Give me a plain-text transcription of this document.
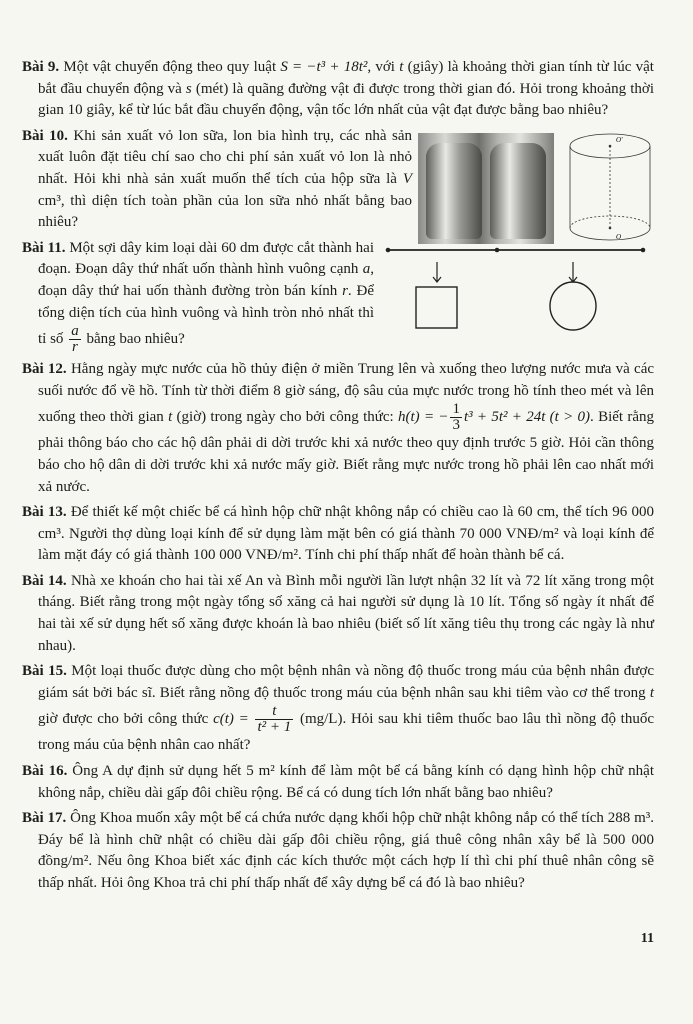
O'
O
Bài 9. Một vật chuyển động theo quy luật S = −t³ + 18t², với t (giây) là khoảng thời gian tính từ lúc vật bắt đầu chuyển động và s (mét) là quãng đường vật đi được trong thời gian đó. Hỏi trong khoảng thời gian 10 giây, kể từ lúc bắt đầu chuyển động, vận tốc lớn nhất của vật đạt được bằng bao nhiêu?
Bài 10. Khi sản xuất vỏ lon sữa, lon bia hình trụ, các nhà sản xuất luôn đặt tiêu chí sao cho chi phí sản xuất vỏ lon là nhỏ nhất. Hỏi khi nhà sản xuất muốn thể tích của hộp sữa là V cm³, thì diện tích toàn phần của lon sữa nhỏ nhất bằng bao nhiêu?
Bài 11. Một sợi dây kim loại dài 60 dm được cắt thành hai đoạn. Đoạn dây thứ nhất uốn thành hình vuông cạnh a, đoạn dây thứ hai uốn thành đường tròn bán kính r. Để tổng diện tích của hình vuông và hình tròn nhỏ nhất thì tỉ số $\frac{a}{r}$ bằng bao nhiêu?
Bài 12. Hằng ngày mực nước của hồ thủy điện ở miền Trung lên và xuống theo lượng nước mưa và các suối nước đổ về hồ. Tính từ thời điểm 8 giờ sáng, độ sâu của mực nước trong hồ tính theo mét và lên xuống theo thời gian t (giờ) trong ngày cho bởi công thức: h(t) = − $\frac{1}{3} t^3 + 5t^2 + 24t$ (t > 0). Biết rằng phải thông báo cho các hộ dân phải di dời trước khi xả nước theo quy định trước 5 giờ. Hỏi cần thông báo cho hộ dân di dời trước khi xả nước mấy giờ. Biết rằng mực nước trong hồ phải lên cao nhất mới xả nước.
Bài 13. Để thiết kế một chiếc bể cá hình hộp chữ nhật không nắp có chiều cao là 60 cm, thể tích 96 000 cm³. Người thợ dùng loại kính để sử dụng làm mặt bên có giá thành 70 000 VNĐ/m² và loại kính để làm mặt đáy có giá thành 100 000 VNĐ/m². Tính chi phí thấp nhất để hoàn thành bể cá.
Bài 14. Nhà xe khoán cho hai tài xế An và Bình mỗi người lần lượt nhận 32 lít và 72 lít xăng trong một tháng. Biết rằng trong một ngày tổng số xăng cả hai người sử dụng là 10 lít. Tổng số ngày ít nhất để hai tài xế sử dụng hết số xăng được khoán là bao nhiêu (biết số lít xăng tiêu thụ trong các ngày là như nhau).
Bài 15. Một loại thuốc được dùng cho một bệnh nhân và nồng độ thuốc trong máu của bệnh nhân được giám sát bởi bác sĩ. Biết rằng nồng độ thuốc trong máu của bệnh nhân sau khi tiêm vào cơ thể trong t giờ được cho bởi công thức $c(t) = \frac{t}{\text{t² + 1}} (mg/L)$. Hỏi sau khi tiêm thuốc bao lâu thì nồng độ thuốc trong máu của bệnh nhân cao nhất?
Bài 16. Ông A dự định sử dụng hết 5 m² kính để làm một bể cá bằng kính có dạng hình hộp chữ nhật không nắp, chiều dài gấp đôi chiều rộng. Bể cá có dung tích lớn nhất bằng bao nhiêu?
Bài 17. Ông Khoa muốn xây một bể cá chứa nước dạng khối hộp chữ nhật không nắp có thể tích 288 m³. Đáy bể là hình chữ nhật có chiều dài gấp đôi chiều rộng, giá thuê công nhân xây bể là 500 000 đồng/m². Nếu ông Khoa biết xác định các kích thước một cách hợp lí thì chi phí thuê nhân công sẽ thấp nhất. Hỏi ông Khoa trả chi phí thấp nhất để xây dựng bể cá đó là bao nhiêu?
11
